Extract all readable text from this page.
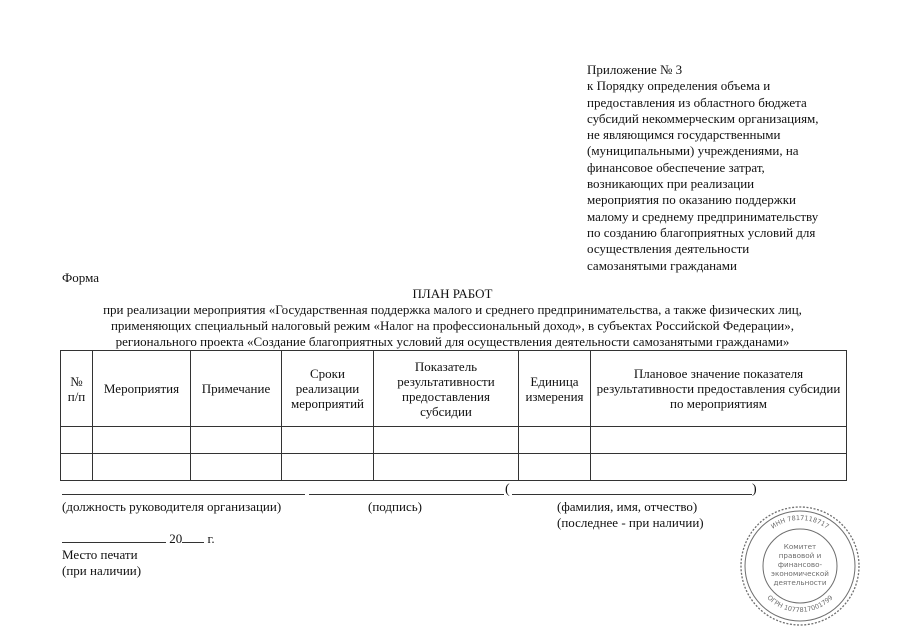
Приложение № 3
к Порядку определения объема и
предоставления из областного бюджета
субсидий некоммерческим организациям,
не являющимся государственными
(муниципальными) учреждениями, на
финансовое обеспечение затрат,
возникающих при реализации
мероприятия по оказанию поддержки
малому и среднему предпринимательству
по созданию благоприятных условий для
осуществления деятельности
самозанятыми гражданами
Форма
ПЛАН РАБОТ
при реализации мероприятия «Государственная поддержка малого и среднего предпринимательства, а также физических лиц,
применяющих специальный налоговый режим «Налог на профессиональный доход», в субъектах Российской Федерации»,
регионального проекта «Создание благоприятных условий для осуществления деятельности самозанятыми гражданами»
№ п/п	Мероприятия	Примечание	Сроки реализации мероприятий	Показатель результативности предоставления субсидии	Единица измерения	Плановое значение показателя результативности предоставления субсидии по мероприятиям

(	)
(должность руководителя организации)	(подпись)	(фамилия, имя, отчество)
(последнее - при наличии)
20 г.
Место печати
(при наличии)
ИНН 7817118717
ОГРН 1077817001799
Комитет
правовой и
финансово-
экономической
деятельности
